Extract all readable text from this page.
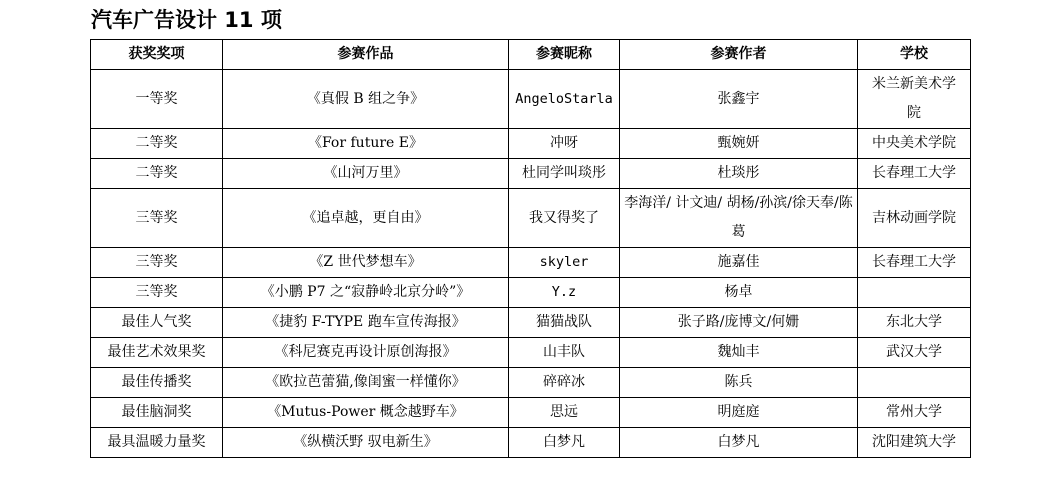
汽车广告设计 11 项
获奖奖项	参赛作品	参赛昵称	参赛作者	学校
一等奖	《真假 B 组之争》	AngeloStarla	张鑫宇	米兰新美术学院
二等奖	《For future E》	冲呀	甄婉妍	中央美术学院
二等奖	《山河万里》	杜同学叫琰彤	杜琰彤	长春理工大学
三等奖	《追卓越，更自由》	我又得奖了	李海洋/ 计文迪/ 胡杨/孙滨/徐天奉/陈葛	吉林动画学院
三等奖	《Z 世代梦想车》	skyler	施嘉佳	长春理工大学
三等奖	《小鹏 P7 之“寂静岭北京分岭”》	Y.z	杨卓	
最佳人气奖	《捷豹 F-TYPE 跑车宣传海报》	猫猫战队	张子路/庞博文/何姗	东北大学
最佳艺术效果奖	《科尼赛克再设计原创海报》	山丰队	魏灿丰	武汉大学
最佳传播奖	《欧拉芭蕾猫,像闺蜜一样懂你》	碎碎冰	陈兵	
最佳脑洞奖	《Mutus-Power 概念越野车》	思远	明庭庭	常州大学
最具温暖力量奖	《纵横沃野 驭电新生》	白梦凡	白梦凡	沈阳建筑大学
